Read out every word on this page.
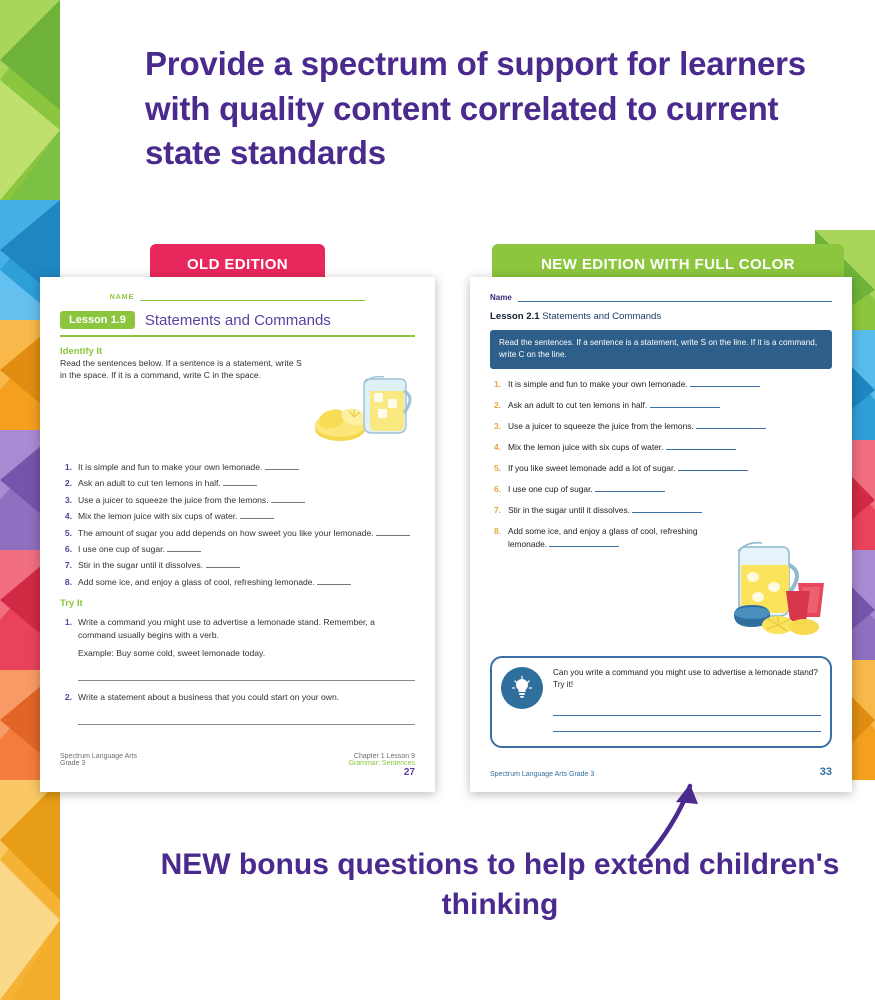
Provide a spectrum of support for learners with quality content correlated to current state standards
OLD EDITION	NEW EDITION WITH FULL COLOR
NAME
Lesson 1.9	Statements and Commands
Identify It
Read the sentences below. If a sentence is a statement, write S in the space. If it is a command, write C in the space.
1. It is simple and fun to make your own lemonade.
2. Ask an adult to cut ten lemons in half.
3. Use a juicer to squeeze the juice from the lemons.
4. Mix the lemon juice with six cups of water.
5. The amount of sugar you add depends on how sweet you like your lemonade.
6. I use one cup of sugar.
7. Stir in the sugar until it dissolves.
8. Add some ice, and enjoy a glass of cool, refreshing lemonade.
Try It
1. Write a command you might use to advertise a lemonade stand. Remember, a command usually begins with a verb.
Example: Buy some cold, sweet lemonade today.
2. Write a statement about a business that you could start on your own.
Spectrum Language Arts
Grade 3
Chapter 1 Lesson 9
Grammar: Sentences
27
Name
Lesson 2.1 Statements and Commands
Read the sentences. If a sentence is a statement, write S on the line. If it is a command, write C on the line.
1. It is simple and fun to make your own lemonade.
2. Ask an adult to cut ten lemons in half.
3. Use a juicer to squeeze the juice from the lemons.
4. Mix the lemon juice with six cups of water.
5. If you like sweet lemonade add a lot of sugar.
6. I use one cup of sugar.
7. Stir in the sugar until it dissolves.
8. Add some ice, and enjoy a glass of cool, refreshing lemonade.
Can you write a command you might use to advertise a lemonade stand? Try it!
Spectrum Language Arts Grade 3	33
NEW bonus questions to help extend children's thinking
